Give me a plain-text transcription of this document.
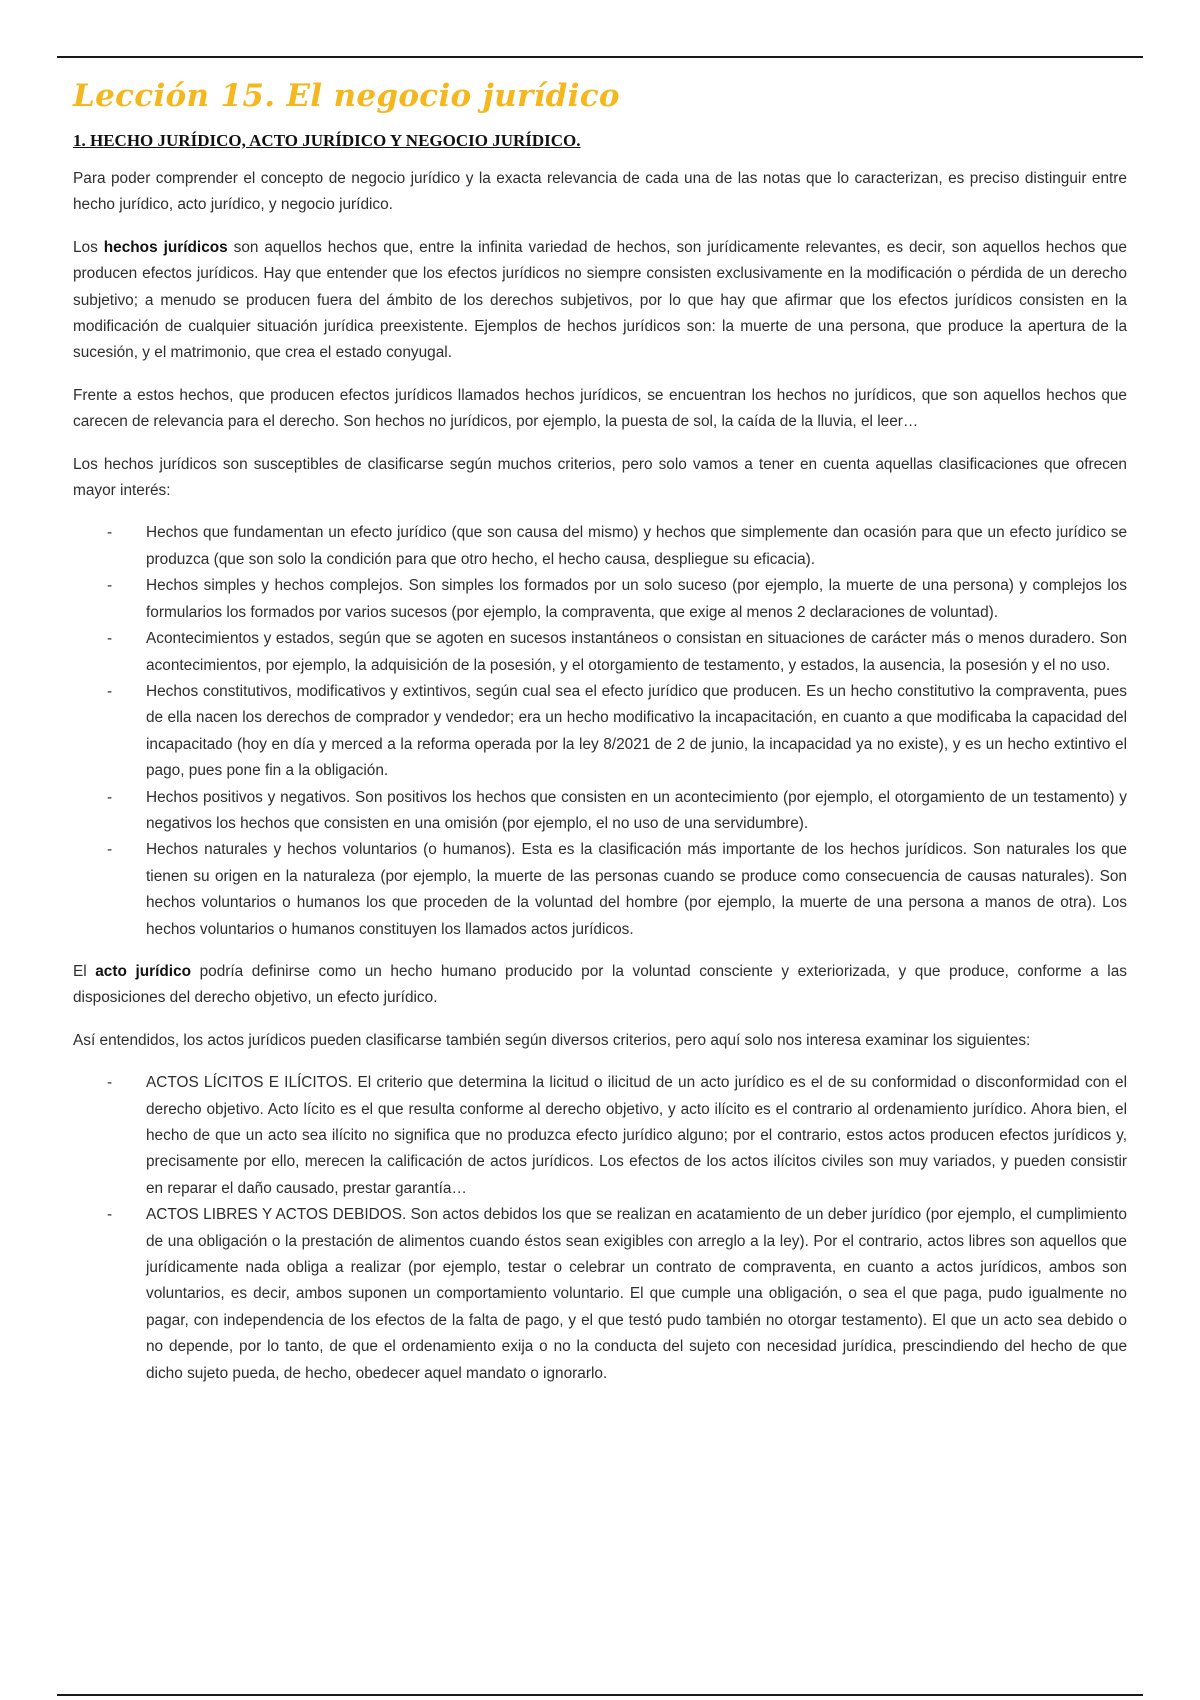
Lección 15. El negocio jurídico
1. HECHO JURÍDICO, ACTO JURÍDICO Y NEGOCIO JURÍDICO.

Para poder comprender el concepto de negocio jurídico y la exacta relevancia de cada una de las notas que lo caracterizan, es preciso distinguir entre hecho jurídico, acto jurídico, y negocio jurídico.

Los hechos jurídicos son aquellos hechos que, entre la infinita variedad de hechos, son jurídicamente relevantes, es decir, son aquellos hechos que producen efectos jurídicos. Hay que entender que los efectos jurídicos no siempre consisten exclusivamente en la modificación o pérdida de un derecho subjetivo; a menudo se producen fuera del ámbito de los derechos subjetivos, por lo que hay que afirmar que los efectos jurídicos consisten en la modificación de cualquier situación jurídica preexistente. Ejemplos de hechos jurídicos son: la muerte de una persona, que produce la apertura de la sucesión, y el matrimonio, que crea el estado conyugal.

Frente a estos hechos, que producen efectos jurídicos llamados hechos jurídicos, se encuentran los hechos no jurídicos, que son aquellos hechos que carecen de relevancia para el derecho. Son hechos no jurídicos, por ejemplo, la puesta de sol, la caída de la lluvia, el leer…

Los hechos jurídicos son susceptibles de clasificarse según muchos criterios, pero solo vamos a tener en cuenta aquellas clasificaciones que ofrecen mayor interés:

- Hechos que fundamentan un efecto jurídico (que son causa del mismo) y hechos que simplemente dan ocasión para que un efecto jurídico se produzca (que son solo la condición para que otro hecho, el hecho causa, despliegue su eficacia).
- Hechos simples y hechos complejos. Son simples los formados por un solo suceso (por ejemplo, la muerte de una persona) y complejos los formularios los formados por varios sucesos (por ejemplo, la compraventa, que exige al menos 2 declaraciones de voluntad).
- Acontecimientos y estados, según que se agoten en sucesos instantáneos o consistan en situaciones de carácter más o menos duradero. Son acontecimientos, por ejemplo, la adquisición de la posesión, y el otorgamiento de testamento, y estados, la ausencia, la posesión y el no uso.
- Hechos constitutivos, modificativos y extintivos, según cual sea el efecto jurídico que producen. Es un hecho constitutivo la compraventa, pues de ella nacen los derechos de comprador y vendedor; era un hecho modificativo la incapacitación, en cuanto a que modificaba la capacidad del incapacitado (hoy en día y merced a la reforma operada por la ley 8/2021 de 2 de junio, la incapacidad ya no existe), y es un hecho extintivo el pago, pues pone fin a la obligación.
- Hechos positivos y negativos. Son positivos los hechos que consisten en un acontecimiento (por ejemplo, el otorgamiento de un testamento) y negativos los hechos que consisten en una omisión (por ejemplo, el no uso de una servidumbre).
- Hechos naturales y hechos voluntarios (o humanos). Esta es la clasificación más importante de los hechos jurídicos. Son naturales los que tienen su origen en la naturaleza (por ejemplo, la muerte de las personas cuando se produce como consecuencia de causas naturales). Son hechos voluntarios o humanos los que proceden de la voluntad del hombre (por ejemplo, la muerte de una persona a manos de otra). Los hechos voluntarios o humanos constituyen los llamados actos jurídicos.

El acto jurídico podría definirse como un hecho humano producido por la voluntad consciente y exteriorizada, y que produce, conforme a las disposiciones del derecho objetivo, un efecto jurídico.

Así entendidos, los actos jurídicos pueden clasificarse también según diversos criterios, pero aquí solo nos interesa examinar los siguientes:

- ACTOS LÍCITOS E ILÍCITOS. El criterio que determina la licitud o ilicitud de un acto jurídico es el de su conformidad o disconformidad con el derecho objetivo. Acto lícito es el que resulta conforme al derecho objetivo, y acto ilícito es el contrario al ordenamiento jurídico. Ahora bien, el hecho de que un acto sea ilícito no significa que no produzca efecto jurídico alguno; por el contrario, estos actos producen efectos jurídicos y, precisamente por ello, merecen la calificación de actos jurídicos. Los efectos de los actos ilícitos civiles son muy variados, y pueden consistir en reparar el daño causado, prestar garantía…
- ACTOS LIBRES Y ACTOS DEBIDOS. Son actos debidos los que se realizan en acatamiento de un deber jurídico (por ejemplo, el cumplimiento de una obligación o la prestación de alimentos cuando éstos sean exigibles con arreglo a la ley). Por el contrario, actos libres son aquellos que jurídicamente nada obliga a realizar (por ejemplo, testar o celebrar un contrato de compraventa, en cuanto a actos jurídicos, ambos son voluntarios, es decir, ambos suponen un comportamiento voluntario. El que cumple una obligación, o sea el que paga, pudo igualmente no pagar, con independencia de los efectos de la falta de pago, y el que testó pudo también no otorgar testamento). El que un acto sea debido o no depende, por lo tanto, de que el ordenamiento exija o no la conducta del sujeto con necesidad jurídica, prescindiendo del hecho de que dicho sujeto pueda, de hecho, obedecer aquel mandato o ignorarlo.
